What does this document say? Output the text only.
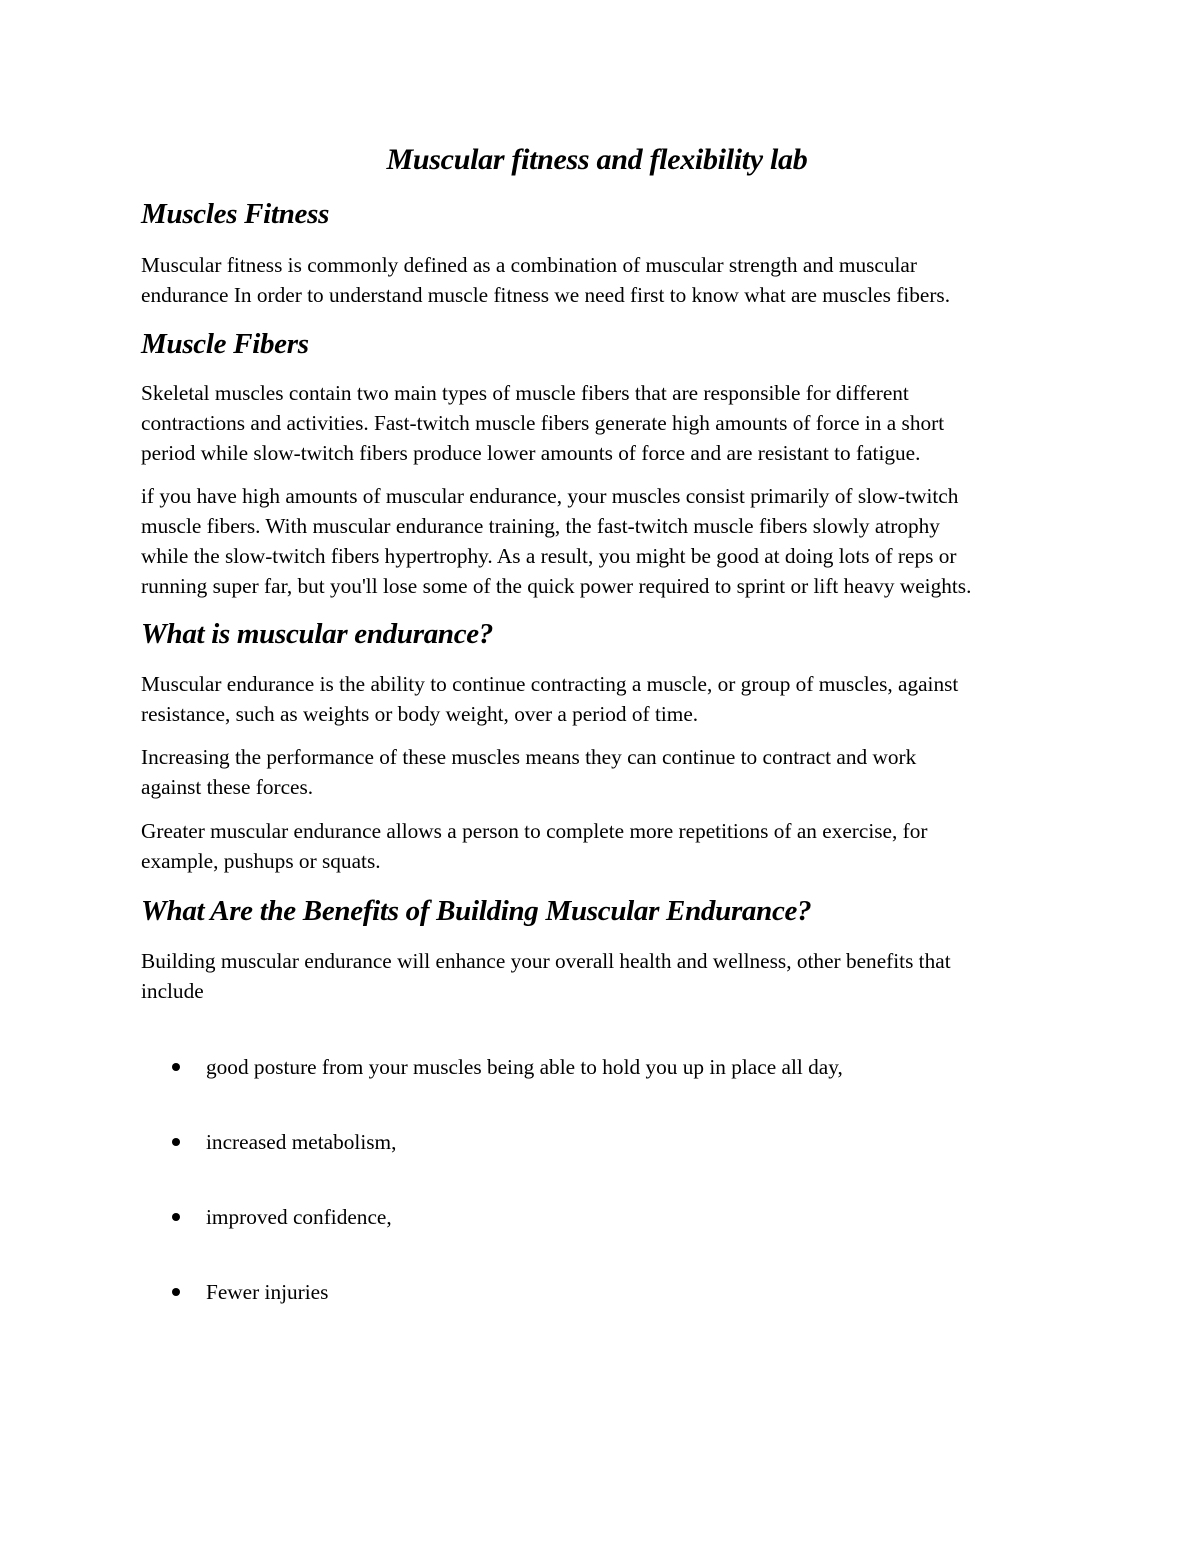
Muscular fitness and flexibility lab
Muscles Fitness

Muscular fitness is commonly defined as a combination of muscular strength and muscular
endurance In order to understand muscle fitness we need first to know what are muscles fibers.

Muscle Fibers

Skeletal muscles contain two main types of muscle fibers that are responsible for different
contractions and activities. Fast-twitch muscle fibers generate high amounts of force in a short
period while slow-twitch fibers produce lower amounts of force and are resistant to fatigue.

if you have high amounts of muscular endurance, your muscles consist primarily of slow-twitch
muscle fibers. With muscular endurance training, the fast-twitch muscle fibers slowly atrophy
while the slow-twitch fibers hypertrophy. As a result, you might be good at doing lots of reps or
running super far, but you'll lose some of the quick power required to sprint or lift heavy weights.

What is muscular endurance?

Muscular endurance is the ability to continue contracting a muscle, or group of muscles, against
resistance, such as weights or body weight, over a period of time.

Increasing the performance of these muscles means they can continue to contract and work
against these forces.

Greater muscular endurance allows a person to complete more repetitions of an exercise, for
example, pushups or squats.

What Are the Benefits of Building Muscular Endurance?

Building muscular endurance will enhance your overall health and wellness, other benefits that
include

good posture from your muscles being able to hold you up in place all day,
increased metabolism,
improved confidence,
Fewer injuries
